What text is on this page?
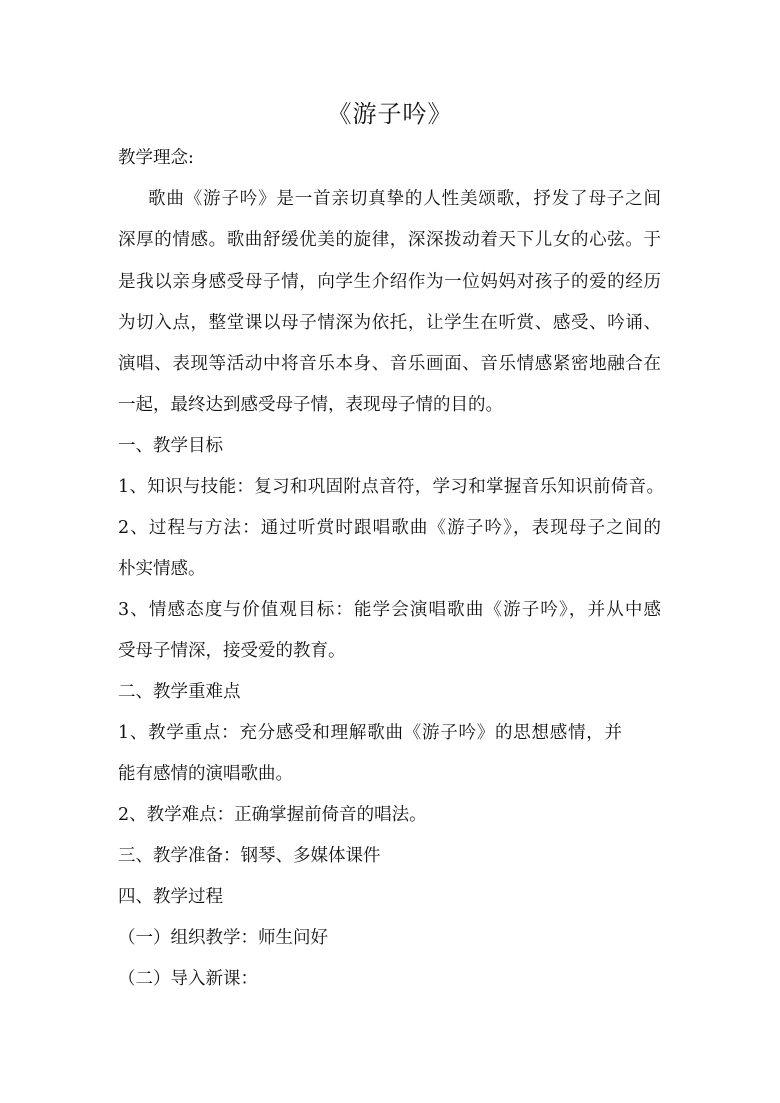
《游子吟》
教学理念:
歌曲《游子吟》是一首亲切真挚的人性美颂歌，抒发了母子之间
深厚的情感。歌曲舒缓优美的旋律，深深拨动着天下儿女的心弦。于
是我以亲身感受母子情，向学生介绍作为一位妈妈对孩子的爱的经历
为切入点，整堂课以母子情深为依托，让学生在听赏、感受、吟诵、
演唱、表现等活动中将音乐本身、音乐画面、音乐情感紧密地融合在
一起，最终达到感受母子情，表现母子情的目的。
一、教学目标
1、知识与技能：复习和巩固附点音符，学习和掌握音乐知识前倚音。
2、过程与方法：通过听赏时跟唱歌曲《游子吟》，表现母子之间的
朴实情感。
3、情感态度与价值观目标：能学会演唱歌曲《游子吟》，并从中感
受母子情深，接受爱的教育。
二、教学重难点
1、教学重点：充分感受和理解歌曲《游子吟》的思想感情，并
能有感情的演唱歌曲。
2、教学难点：正确掌握前倚音的唱法。
三、教学准备：钢琴、多媒体课件
四、教学过程
（一）组织教学：师生问好
（二）导入新课：
